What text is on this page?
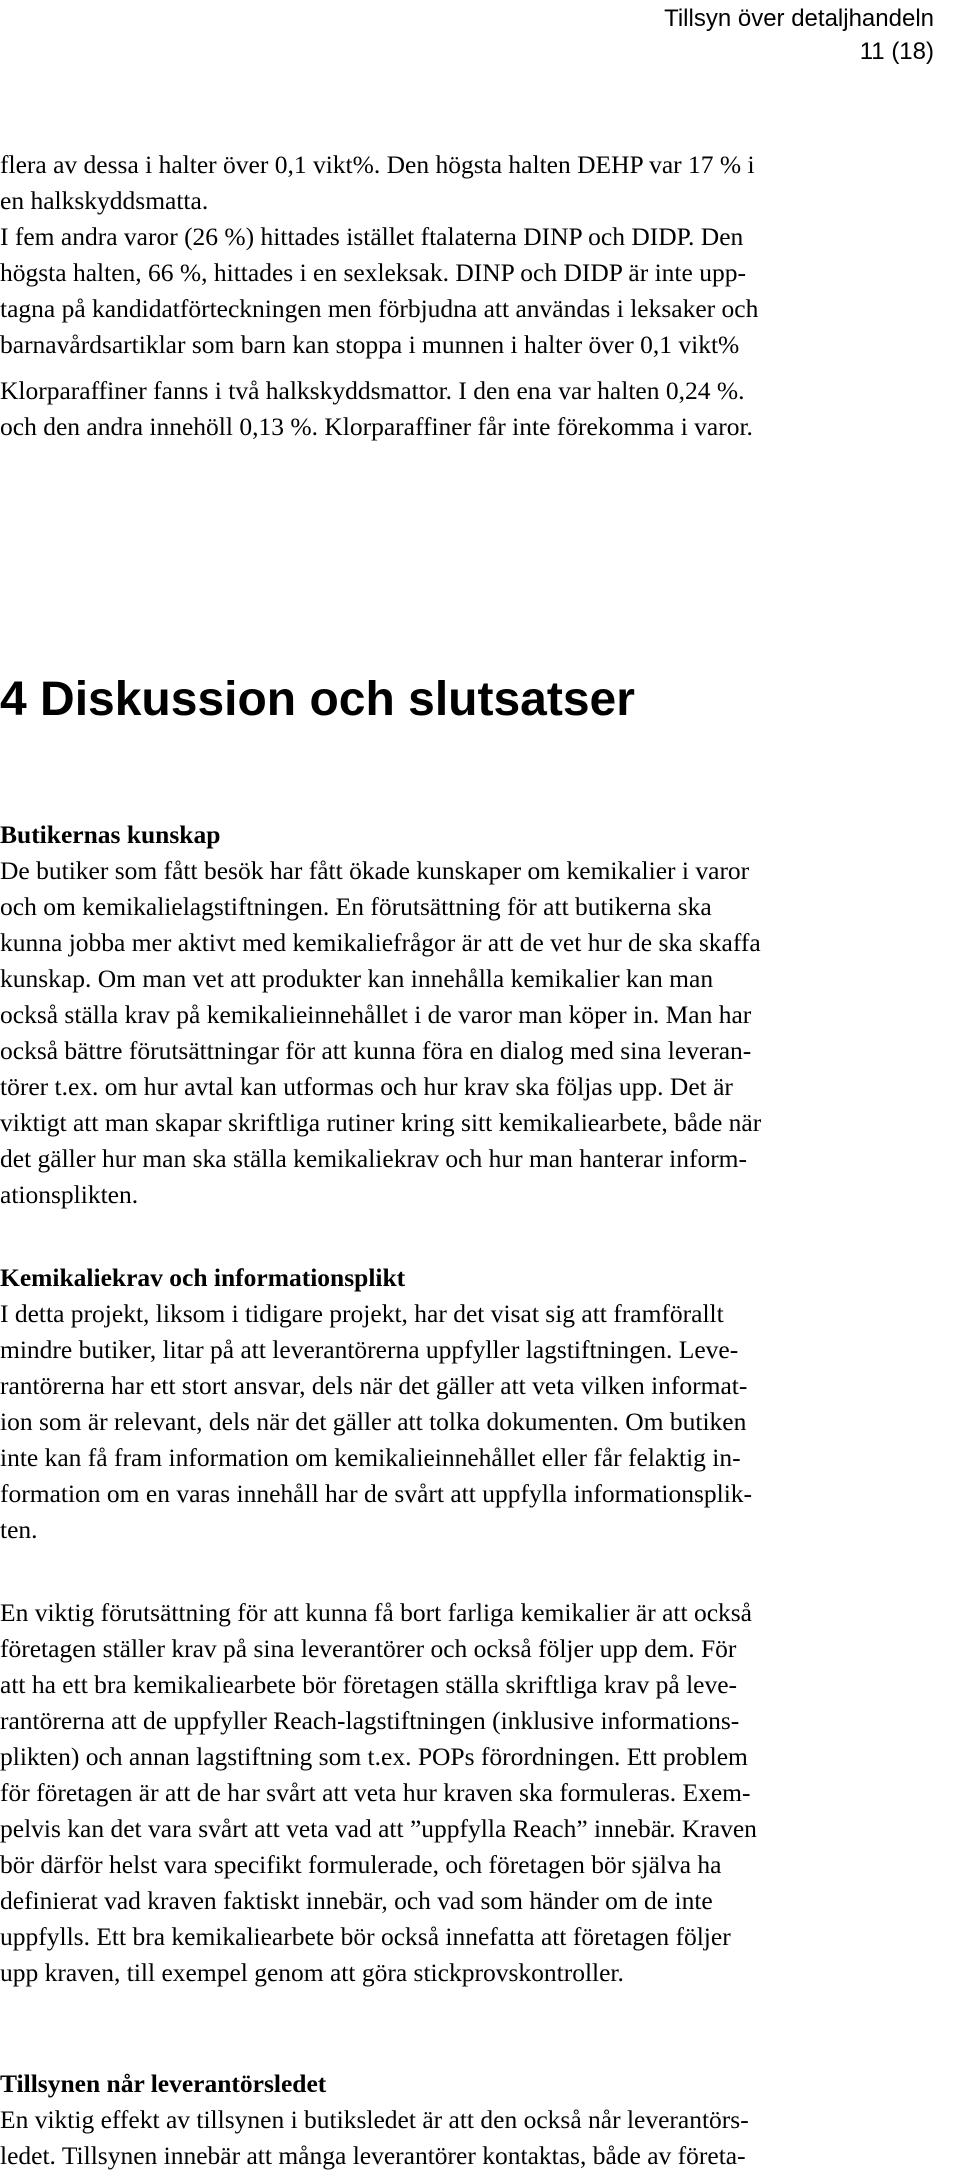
Tillsyn över detaljhandeln
11 (18)

flera av dessa i halter över 0,1 vikt%. Den högsta halten DEHP var 17 % i
en halkskyddsmatta.
I fem andra varor (26 %) hittades istället ftalaterna DINP och DIDP. Den
högsta halten, 66 %, hittades i en sexleksak. DINP och DIDP är inte upp-
tagna på kandidatförteckningen men förbjudna att användas i leksaker och
barnavårdsartiklar som barn kan stoppa i munnen i halter över 0,1 vikt%

Klorparaffiner fanns i två halkskyddsmattor. I den ena var halten 0,24 %.
och den andra innehöll 0,13 %. Klorparaffiner får inte förekomma i varor.

4 Diskussion och slutsatser
Butikernas kunskap
De butiker som fått besök har fått ökade kunskaper om kemikalier i varor
och om kemikalielagstiftningen. En förutsättning för att butikerna ska
kunna jobba mer aktivt med kemikaliefrågor är att de vet hur de ska skaffa
kunskap. Om man vet att produkter kan innehålla kemikalier kan man
också ställa krav på kemikalieinnehållet i de varor man köper in. Man har
också bättre förutsättningar för att kunna föra en dialog med sina leveran-
törer t.ex. om hur avtal kan utformas och hur krav ska följas upp. Det är
viktigt att man skapar skriftliga rutiner kring sitt kemikaliearbete, både när
det gäller hur man ska ställa kemikaliekrav och hur man hanterar inform-
ationsplikten.
Kemikaliekrav och informationsplikt
I detta projekt, liksom i tidigare projekt, har det visat sig att framförallt
mindre butiker, litar på att leverantörerna uppfyller lagstiftningen. Leve-
rantörerna har ett stort ansvar, dels när det gäller att veta vilken informat-
ion som är relevant, dels när det gäller att tolka dokumenten. Om butiken
inte kan få fram information om kemikalieinnehållet eller får felaktig in-
formation om en varas innehåll har de svårt att uppfylla informationsplik-
ten.

En viktig förutsättning för att kunna få bort farliga kemikalier är att också
företagen ställer krav på sina leverantörer och också följer upp dem. För
att ha ett bra kemikaliearbete bör företagen ställa skriftliga krav på leve-
rantörerna att de uppfyller Reach-lagstiftningen (inklusive informations-
plikten) och annan lagstiftning som t.ex. POPs förordningen. Ett problem
för företagen är att de har svårt att veta hur kraven ska formuleras. Exem-
pelvis kan det vara svårt att veta vad att ”uppfylla Reach” innebär. Kraven
bör därför helst vara specifikt formulerade, och företagen bör själva ha
definierat vad kraven faktiskt innebär, och vad som händer om de inte
uppfylls. Ett bra kemikaliearbete bör också innefatta att företagen följer
upp kraven, till exempel genom att göra stickprovskontroller.

Tillsynen når leverantörsledet
En viktig effekt av tillsynen i butiksledet är att den också når leverantörs-
ledet. Tillsynen innebär att många leverantörer kontaktas, både av företa-
